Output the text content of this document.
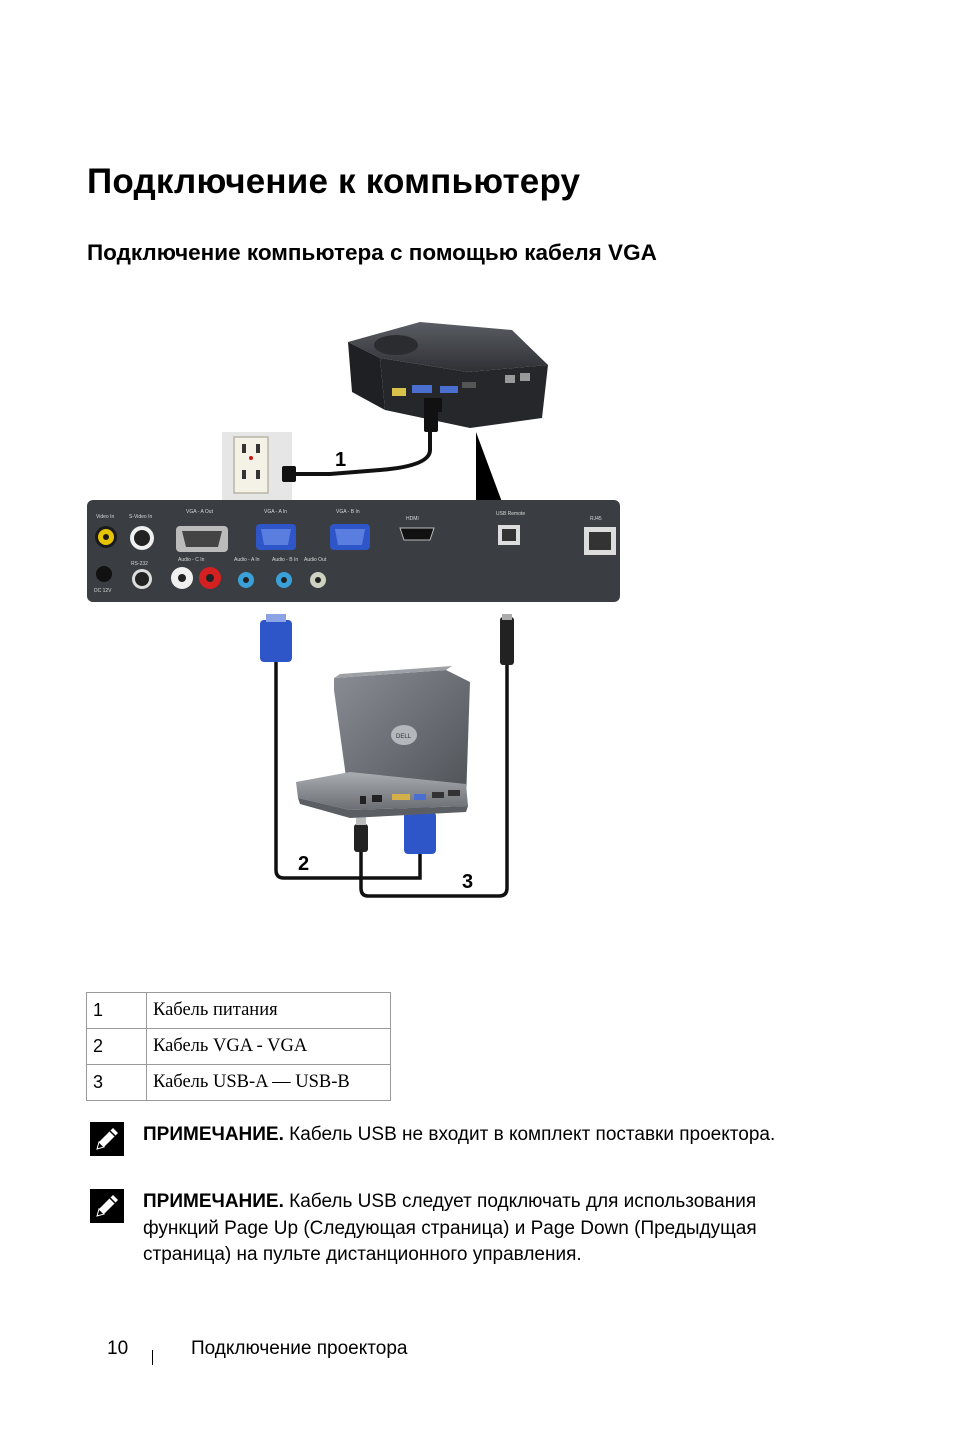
Подключение к компьютеру
Подключение компьютера с помощью кабеля VGA
1
Video In	S-Video In
VGA - A Out	VGA - A In	VGA - B In
HDMI
USB Remote
RJ45
RS-232
Audio - C In	Audio - A In Audio - B In Audio Out
DC 12V
2
3
DELL
1	Кабель питания
2	Кабель VGA - VGA
3	Кабель USB-A — USB-B
ПРИМЕЧАНИЕ. Кабель USB не входит в комплект поставки проектора.
ПРИМЕЧАНИЕ. Кабель USB следует подключать для использования функций Page Up (Следующая страница) и Page Down (Предыдущая страница) на пульте дистанционного управления.
10	Подключение проектора
